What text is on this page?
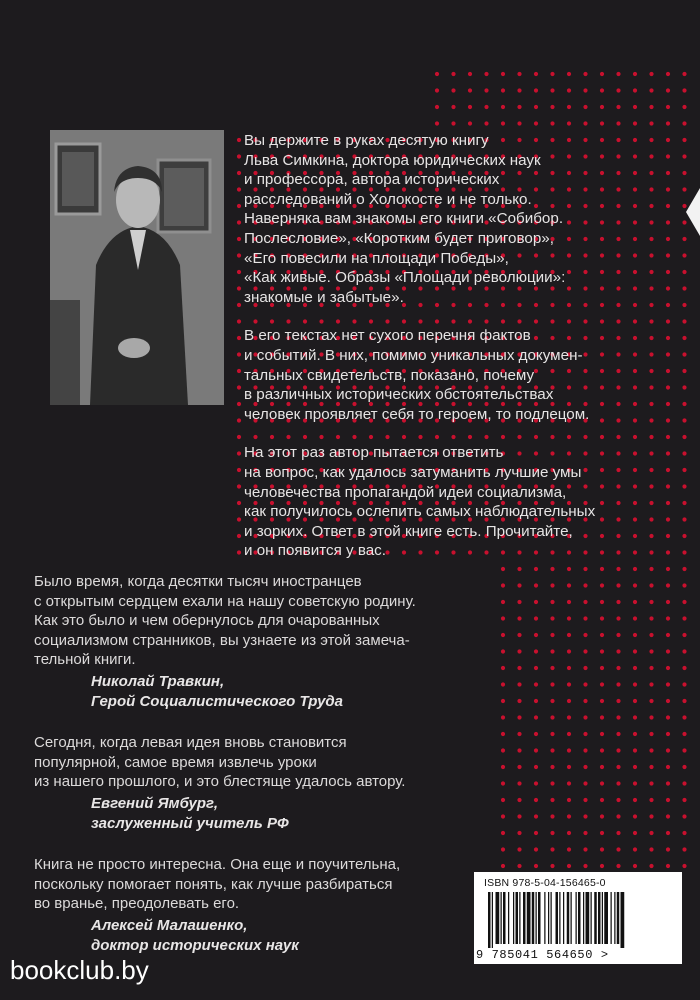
Вы держите в руках десятую книгу
Льва Симкина, доктора юридических наук
и профессора, автора исторических
расследований о Холокосте и не только.
Наверняка вам знакомы его книги «Собибор.
Послесловие», «Коротким будет приговор»,
«Его повесили на площади Победы»,
«Как живые. Образы «Площади революции»:
знакомые и забытые».

В его текстах нет сухого перечня фактов
и событий. В них, помимо уникальных докумен-
тальных свидетельств, показано, почему
в различных исторических обстоятельствах
человек проявляет себя то героем, то подлецом.

На этот раз автор пытается ответить
на вопрос, как удалось затуманить лучшие умы
человечества пропагандой идеи социализма,
как получилось ослепить самых наблюдательных
и зорких. Ответ в этой книге есть. Прочитайте,
и он появится у вас.

Было время, когда десятки тысяч иностранцев
с открытым сердцем ехали на нашу советскую родину.
Как это было и чем обернулось для очарованных
социализмом странников, вы узнаете из этой замеча-
тельной книги.
Николай Травкин,
Герой Социалистического Труда
Сегодня, когда левая идея вновь становится
популярной, самое время извлечь уроки
из нашего прошлого, и это блестяще удалось автору.
Евгений Ямбург,
заслуженный учитель РФ
Книга не просто интересна. Она еще и поучительна,
поскольку помогает понять, как лучше разбираться
во вранье, преодолевать его.
Алексей Малашенко,
доктор исторических наук
ISBN 978-5-04-156465-0
9 785041 564650 >
bookclub.by
